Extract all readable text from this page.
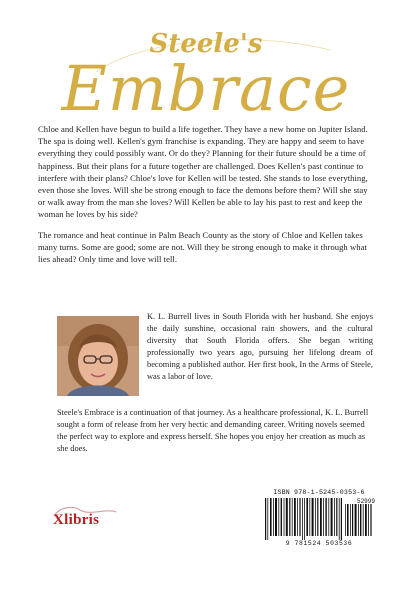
Steele's
Embrace

Chloe and Kellen have begun to build a life together. They have a new home on Jupiter Island. The spa is doing well. Kellen's gym franchise is expanding. They are happy and seem to have everything they could possibly want. Or do they? Planning for their future should be a time of happiness. But their plans for a future together are challenged. Does Kellen's past continue to interfere with their plans? Chloe's love for Kellen will be tested. She stands to lose everything, even those she loves. Will she be strong enough to face the demons before them? Will she stay or walk away from the man she loves? Will Kellen be able to lay his past to rest and keep the woman he loves by his side?

The romance and heat continue in Palm Beach County as the story of Chloe and Kellen takes many turns. Some are good; some are not. Will they be strong enough to make it through what lies ahead? Only time and love will tell.

K. L. Burrell lives in South Florida with her husband. She enjoys the daily sunshine, occasional rain showers, and the cultural diversity that South Florida offers. She began writing professionally two years ago, pursuing her lifelong dream of becoming a published author. Her first book, In the Arms of Steele, was a labor of love.
Steele's Embrace is a continuation of that journey. As a healthcare professional, K. L. Burrell sought a form of release from her very hectic and demanding career. Writing novels seemed the perfect way to explore and express herself. She hopes you enjoy her creation as much as she does.
Xlibris
ISBN 978-1-5245-0353-6
52999
9 781524 503536
